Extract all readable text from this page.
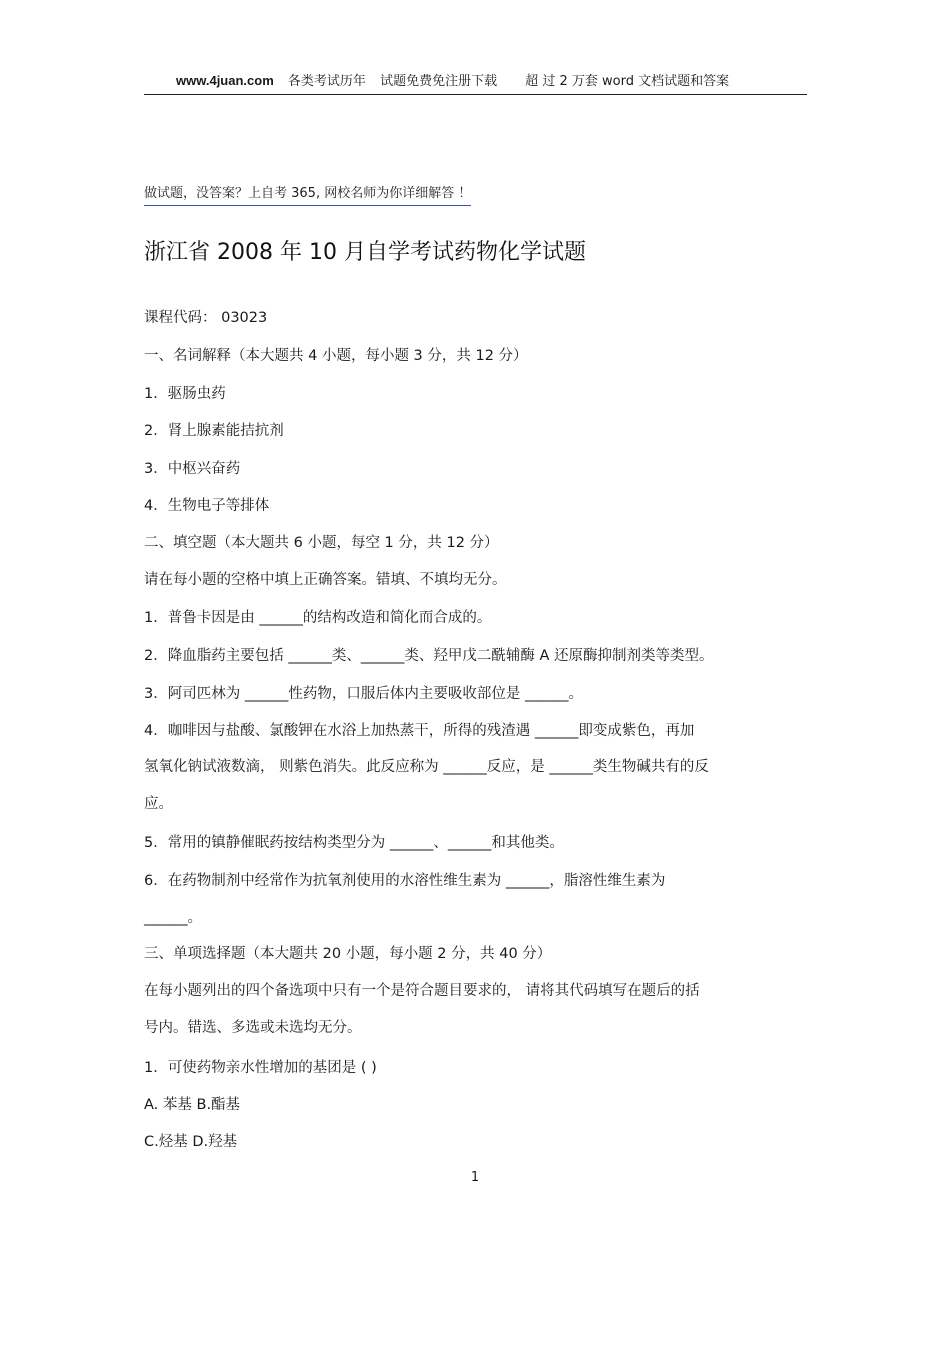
www.4juan.com 各类考试历年 试题免费免注册下载 超 过 2 万套 word 文档试题和答案
做试题，没答案？上自考 365, 网校名师为你详细解答 ！
浙江省 2008 年 10 月自学考试药物化学试题
课程代码： 03023
一、名词解释（本大题共 4 小题，每小题 3 分，共 12 分）
1．驱肠虫药
2．肾上腺素能拮抗剂
3．中枢兴奋药
4．生物电子等排体
二、填空题（本大题共 6 小题，每空 1 分，共 12 分）
请在每小题的空格中填上正确答案。错填、不填均无分。
1．普鲁卡因是由 ______的结构改造和简化而合成的。
2．降血脂药主要包括 ______类、______类、羟甲戊二酰辅酶 A 还原酶抑制剂类等类型。
3．阿司匹林为 ______性药物，口服后体内主要吸收部位是 ______。
4．咖啡因与盐酸、氯酸钾在水浴上加热蒸干，所得的残渣遇 ______即变成紫色，再加
氢氧化钠试液数滴， 则紫色消失。此反应称为 ______反应，是 ______类生物碱共有的反
应。
5．常用的镇静催眠药按结构类型分为 ______、______和其他类。
6．在药物制剂中经常作为抗氧剂使用的水溶性维生素为 ______，脂溶性维生素为
______。
三、单项选择题（本大题共 20 小题，每小题 2 分，共 40 分）
在每小题列出的四个备选项中只有一个是符合题目要求的， 请将其代码填写在题后的括
号内。错选、多选或未选均无分。
1．可使药物亲水性增加的基团是 ( )
A. 苯基 B.酯基
C.烃基 D.羟基
1
